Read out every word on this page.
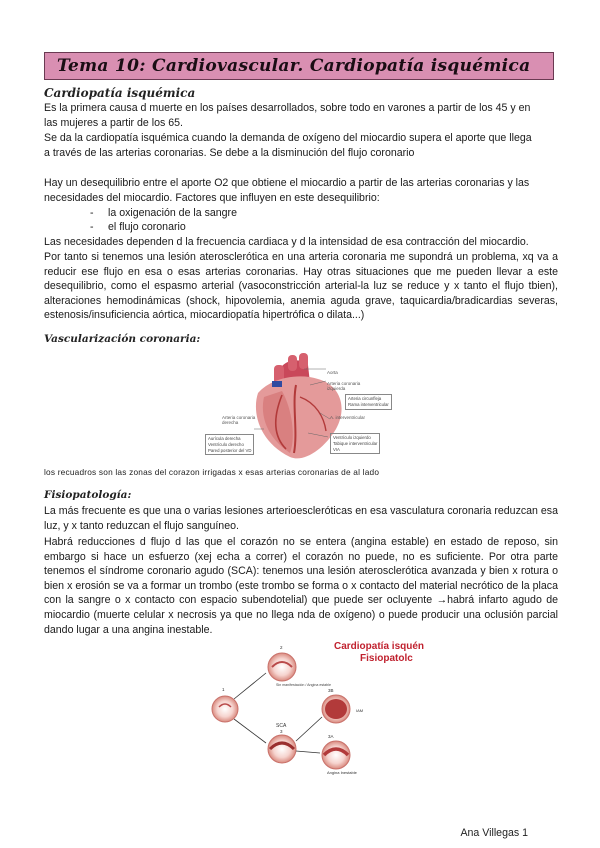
Tema 10: Cardiovascular. Cardiopatía isquémica
Cardiopatía isquémica
Es la primera causa d muerte en los países desarrollados, sobre todo en varones a partir de los 45 y en
las mujeres a partir de los 65.
Se da la cardiopatía isquémica cuando la demanda de oxígeno del miocardio supera el aporte que llega
a través de las arterias coronarias. Se debe a la disminución del flujo coronario
Hay un desequilibrio entre el aporte O2 que obtiene el miocardio a partir de las arterias coronarias y las
necesidades del miocardio. Factores que influyen en este desequilibrio:
- la oxigenación de la sangre
- el flujo coronario
Las necesidades dependen d la frecuencia cardiaca y d la intensidad de esa contracción del miocardio.
Por tanto si tenemos una lesión aterosclerótica en una arteria coronaria me supondrá un problema, xq va a reducir ese flujo en esa o esas arterias coronarias. Hay otras situaciones que me pueden llevar a este desequilibrio, como el espasmo arterial (vasoconstricción arterial-la luz se reduce y x tanto el flujo tbien), alteraciones hemodinámicas (shock, hipovolemia, anemia aguda grave, taquicardia/bradicardias severas, estenosis/insuficiencia aórtica, miocardiopatía hipertrófica o dilata...)
Vascularización coronaria:
Aorta
Arteria coronaria izquierda
Arteria circunfleja
Rama interventricular
A. interventricular
Arteria coronaria derecha
Aurícula derecha
Ventrículo derecho
Pared posterior del VD
Ventrículo izquierdo
Tabique interventricular
VIA
los recuadros son las zonas del corazon irrigadas x esas arterias coronarias de al lado
Fisiopatología:
La más frecuente es que una o varias lesiones arterioescleróticas en esa vasculatura coronaria reduzcan esa luz, y x tanto reduzcan el flujo sanguíneo.
Habrá reducciones d flujo d las que el corazón no se entera (angina estable) en estado de reposo, sin embargo si hace un esfuerzo (xej echa a correr) el corazón no puede, no es suficiente. Por otra parte tenemos el síndrome coronario agudo (SCA): tenemos una lesión aterosclerótica avanzada y bien x rotura o bien x erosión se va a formar un trombo (este trombo se forma o x contacto del material necrótico de la placa con la sangre o x contacto con espacio subendotelial) que puede ser ocluyente →habrá infarto agudo de miocardio (muerte celular x necrosis ya que no llega nda de oxígeno) o puede producir una oclusión parcial dando lugar a una angina inestable.
Cardiopatía isquén
Fisiopatolc
1
2
Sin manifestación / Angina estable
SCA
3
3B
IAM
3A
Angina Inestable
Ana Villegas 1
